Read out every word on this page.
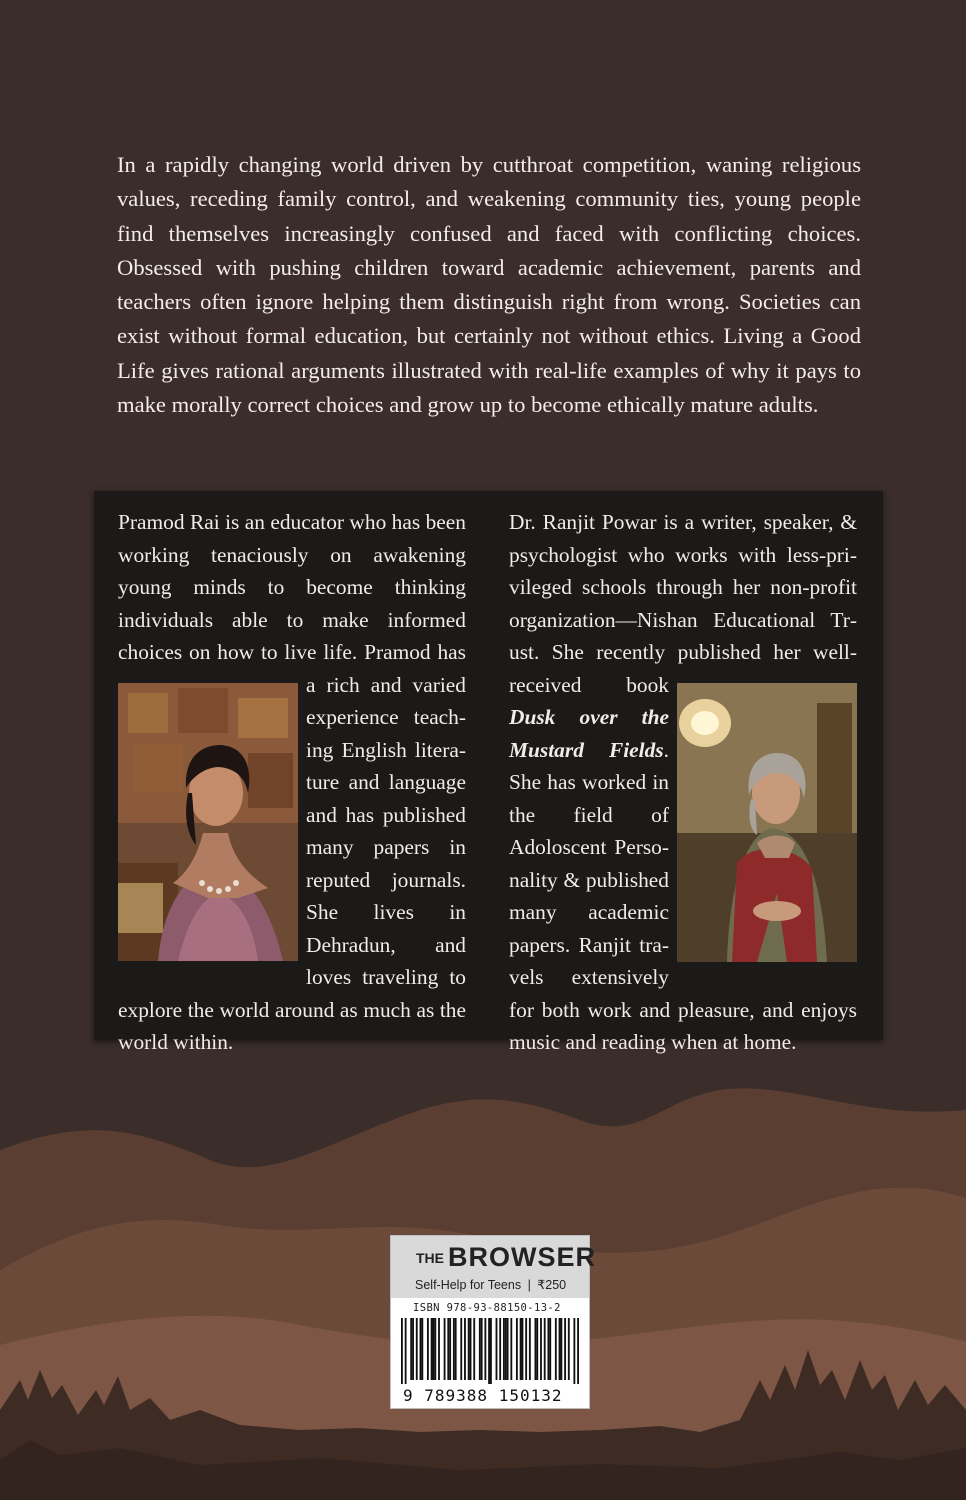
In a rapidly changing world driven by cutthroat competition, waning religious values, receding family control, and weakening community ties, young people find themselves increasingly confused and faced with conflicting choices. Obsessed with pushing children toward academic achievement, parents and teachers often ignore helping them distinguish right from wrong. Societies can exist without formal education, but certainly not without ethics. Living a Good Life gives rational arguments illustrated with real-life examples of why it pays to make morally correct choices and grow up to become ethically mature adults.

Pramod Rai is an educator who has been working tenaciously on awakening young minds to become thinking individuals able to make informed choices on how to live life. Pramod has
a rich and varied experience teaching English literature and language and has published many papers in reputed journals. She lives in Dehradun, and loves traveling to explore the world around as much as the world within.
Dr. Ranjit Powar is a writer, speaker, & psychologist who works with less-privileged schools through her non-profit organization—Nishan Educational Trust. She recently published her well-
received book Dusk over the Mustard Fields. She has worked in the field of Adoloscent Personality & published many academic papers. Ranjit travels extensively for both work and pleasure, and enjoys music and reading when at home.
THE BROWSER
Self-Help for Teens | ₹250
ISBN 978-93-88150-13-2
9 789388 150132
